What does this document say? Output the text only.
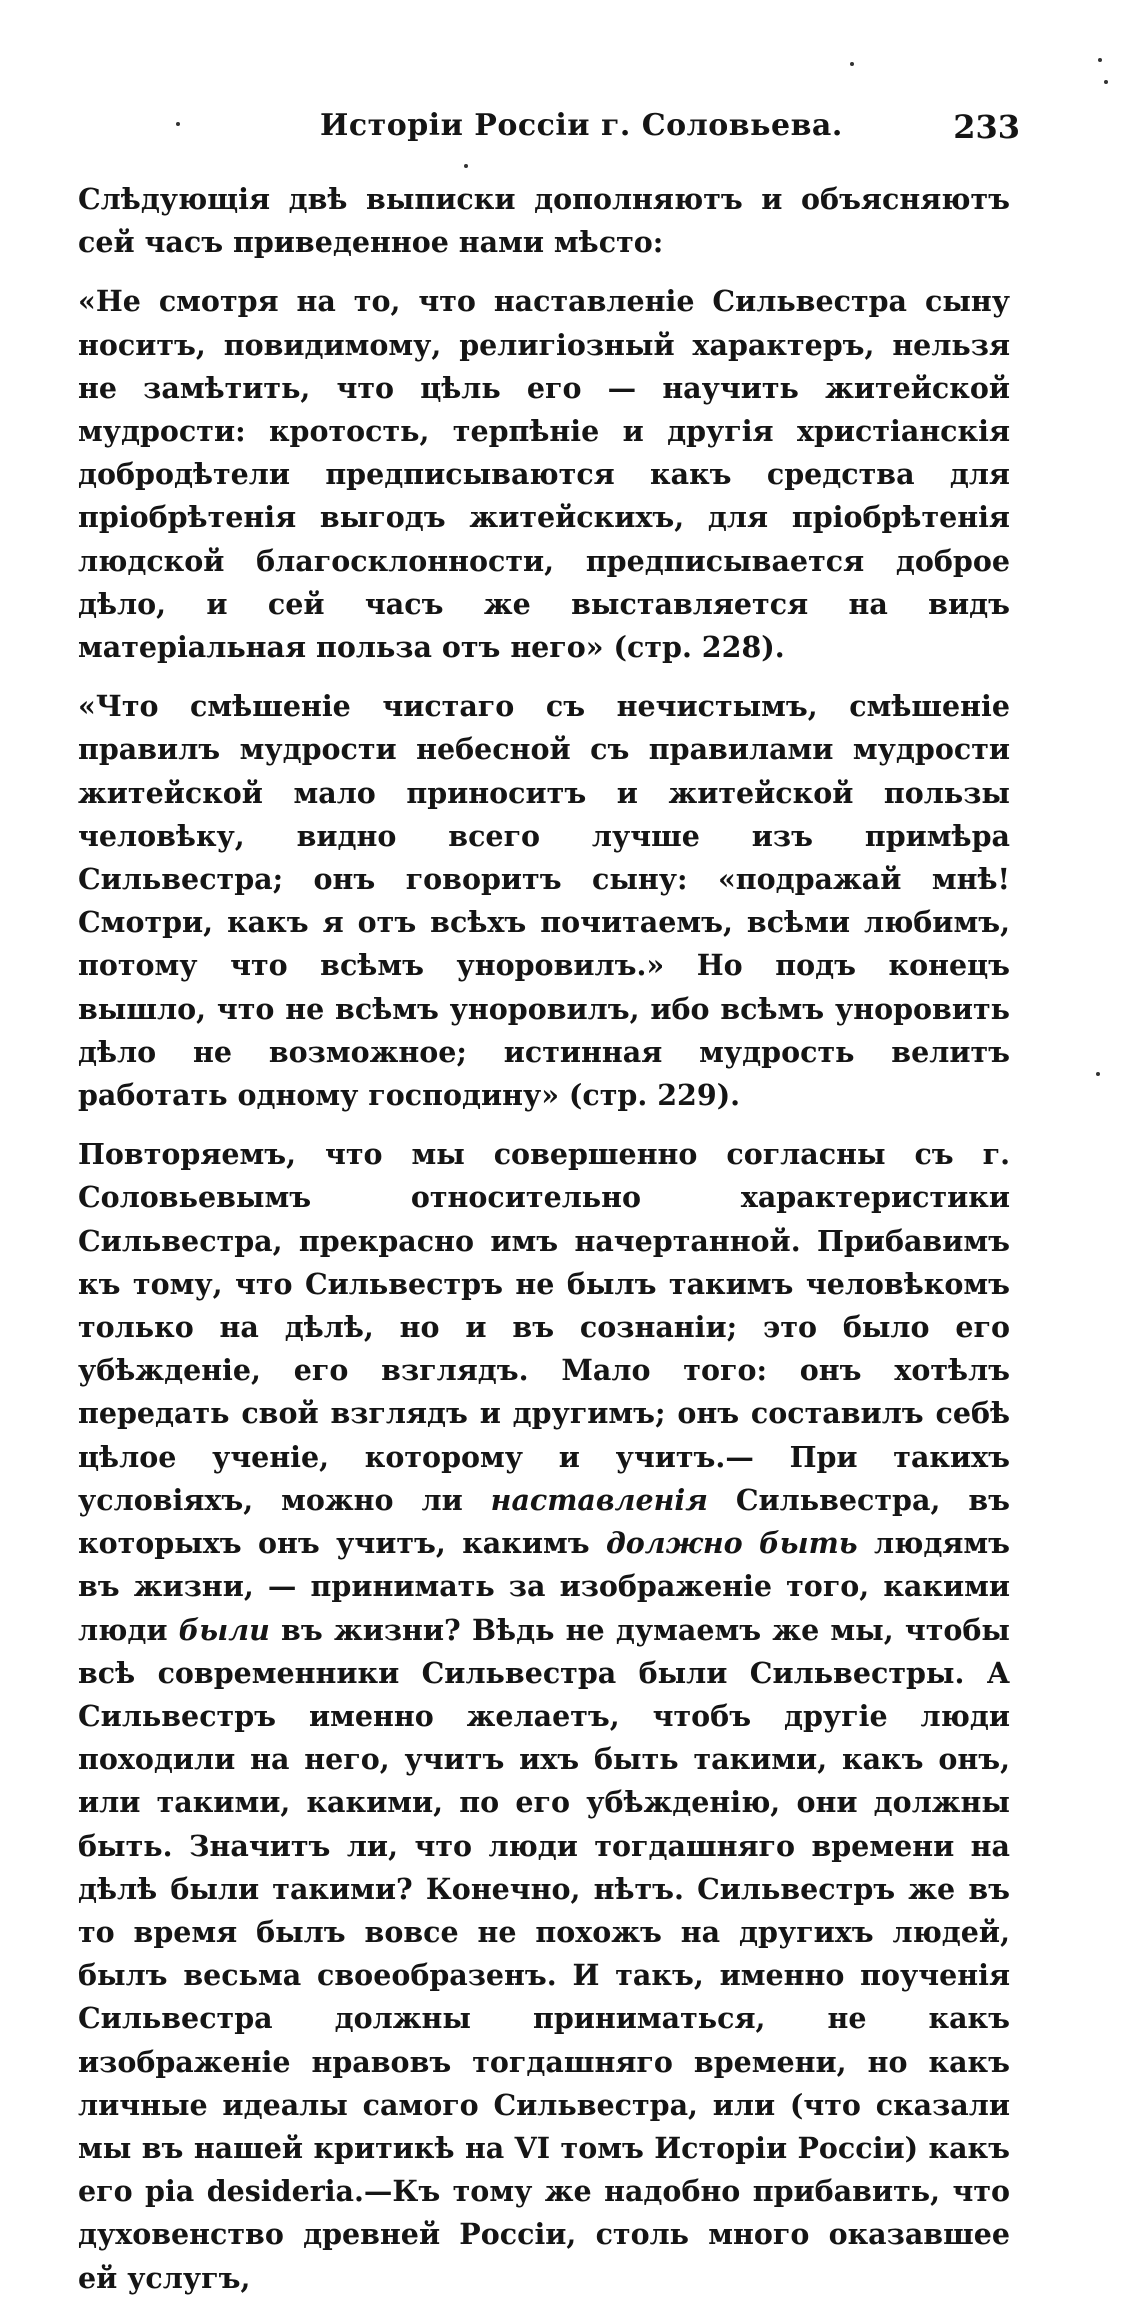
Исторiи Россiи г. Соловьева.	233

Слѣдующiя двѣ выписки дополняютъ и объясняютъ сей часъ приведенное нами мѣсто:

«Не смотря на то, что наставленiе Сильвестра сыну носитъ, повидимому, религiозный характеръ, нельзя не замѣтить, что цѣль его — научить житейской мудрости: кротость, терпѣнiе и другiя христiанскiя добродѣтели предписываются какъ средства для прiобрѣтенiя выгодъ житейскихъ, для прiобрѣтенiя людской благосклонности, предписывается доброе дѣло, и сей часъ же выставляется на видъ матерiальная польза отъ него» (стр. 228).

«Что смѣшенiе чистаго съ нечистымъ, смѣшенiе правилъ мудрости небесной съ правилами мудрости житейской мало приноситъ и житейской пользы человѣку, видно всего лучше изъ примѣра Сильвестра; онъ говоритъ сыну: «подражай мнѣ! Смотри, какъ я отъ всѣхъ почитаемъ, всѣми любимъ, потому что всѣмъ уноровилъ.» Но подъ конецъ вышло, что не всѣмъ уноровилъ, ибо всѣмъ уноровить дѣло не возможное; истинная мудрость велитъ работать одному господину» (стр. 229).

Повторяемъ, что мы совершенно согласны съ г. Соловьевымъ относительно характеристики Сильвестра, прекрасно имъ начертанной. Прибавимъ къ тому, что Сильвестръ не былъ такимъ человѣкомъ только на дѣлѣ, но и въ сознанiи; это было его убѣжденiе, его взглядъ. Мало того: онъ хотѣлъ передать свой взглядъ и другимъ; онъ составилъ себѣ цѣлое ученiе, которому и учитъ.— При такихъ условiяхъ, можно ли наставленiя Сильвестра, въ которыхъ онъ учитъ, какимъ должно быть людямъ въ жизни, — принимать за изображенiе того, какими люди были въ жизни? Вѣдь не думаемъ же мы, чтобы всѣ современники Сильвестра были Сильвестры. А Сильвестръ именно желаетъ, чтобъ другiе люди походили на него, учитъ ихъ быть такими, какъ онъ, или такими, какими, по его убѣжденiю, они должны быть. Значитъ ли, что люди тогдашняго времени на дѣлѣ были такими? Конечно, нѣтъ. Сильвестръ же въ то время былъ вовсе не похожъ на другихъ людей, былъ весьма своеобразенъ. И такъ, именно поученiя Сильвестра должны приниматься, не какъ изображенiе нравовъ тогдашняго времени, но какъ личные идеалы самого Сильвестра, или (что сказали мы въ нашей критикѣ на VI томъ Исторiи Россiи) какъ его pia desideria.—Къ тому же надобно прибавить, что духовенство древней Россiи, столь много оказавшее ей услугъ,
